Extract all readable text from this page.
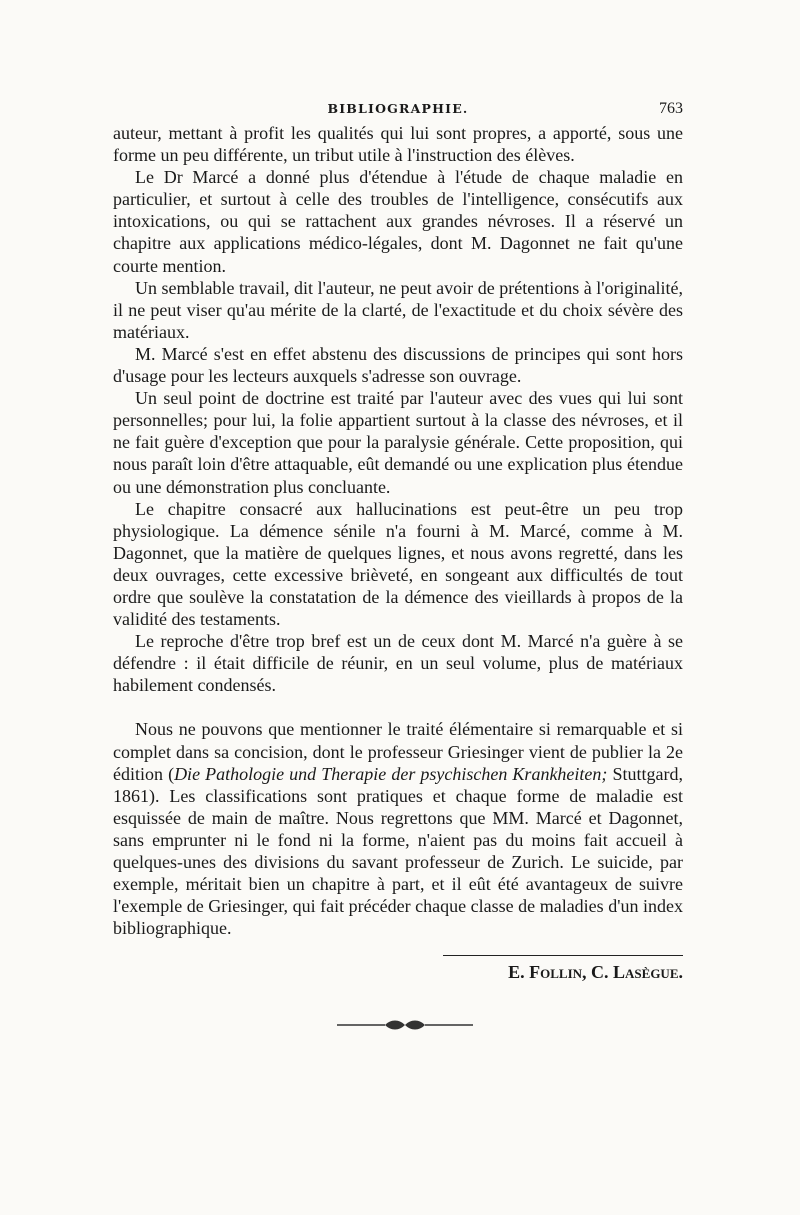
BIBLIOGRAPHIE.	763

auteur, mettant à profit les qualités qui lui sont propres, a apporté, sous une forme un peu différente, un tribut utile à l'instruction des élèves.

Le Dr Marcé a donné plus d'étendue à l'étude de chaque maladie en particulier, et surtout à celle des troubles de l'intelligence, consécutifs aux intoxications, ou qui se rattachent aux grandes névroses. Il a réservé un chapitre aux applications médico-légales, dont M. Dagonnet ne fait qu'une courte mention.

Un semblable travail, dit l'auteur, ne peut avoir de prétentions à l'originalité, il ne peut viser qu'au mérite de la clarté, de l'exactitude et du choix sévère des matériaux.

M. Marcé s'est en effet abstenu des discussions de principes qui sont hors d'usage pour les lecteurs auxquels s'adresse son ouvrage.

Un seul point de doctrine est traité par l'auteur avec des vues qui lui sont personnelles; pour lui, la folie appartient surtout à la classe des névroses, et il ne fait guère d'exception que pour la paralysie générale. Cette proposition, qui nous paraît loin d'être attaquable, eût demandé ou une explication plus étendue ou une démonstration plus concluante.

Le chapitre consacré aux hallucinations est peut-être un peu trop physiologique. La démence sénile n'a fourni à M. Marcé, comme à M. Dagonnet, que la matière de quelques lignes, et nous avons regretté, dans les deux ouvrages, cette excessive brièveté, en songeant aux difficultés de tout ordre que soulève la constatation de la démence des vieillards à propos de la validité des testaments.

Le reproche d'être trop bref est un de ceux dont M. Marcé n'a guère à se défendre : il était difficile de réunir, en un seul volume, plus de matériaux habilement condensés.

Nous ne pouvons que mentionner le traité élémentaire si remarquable et si complet dans sa concision, dont le professeur Griesinger vient de publier la 2e édition (Die Pathologie und Therapie der psychischen Krankheiten; Stuttgard, 1861). Les classifications sont pratiques et chaque forme de maladie est esquissée de main de maître. Nous regrettons que MM. Marcé et Dagonnet, sans emprunter ni le fond ni la forme, n'aient pas du moins fait accueil à quelques-unes des divisions du savant professeur de Zurich. Le suicide, par exemple, méritait bien un chapitre à part, et il eût été avantageux de suivre l'exemple de Griesinger, qui fait précéder chaque classe de maladies d'un index bibliographique.

E. Follin, C. Lasègue.
